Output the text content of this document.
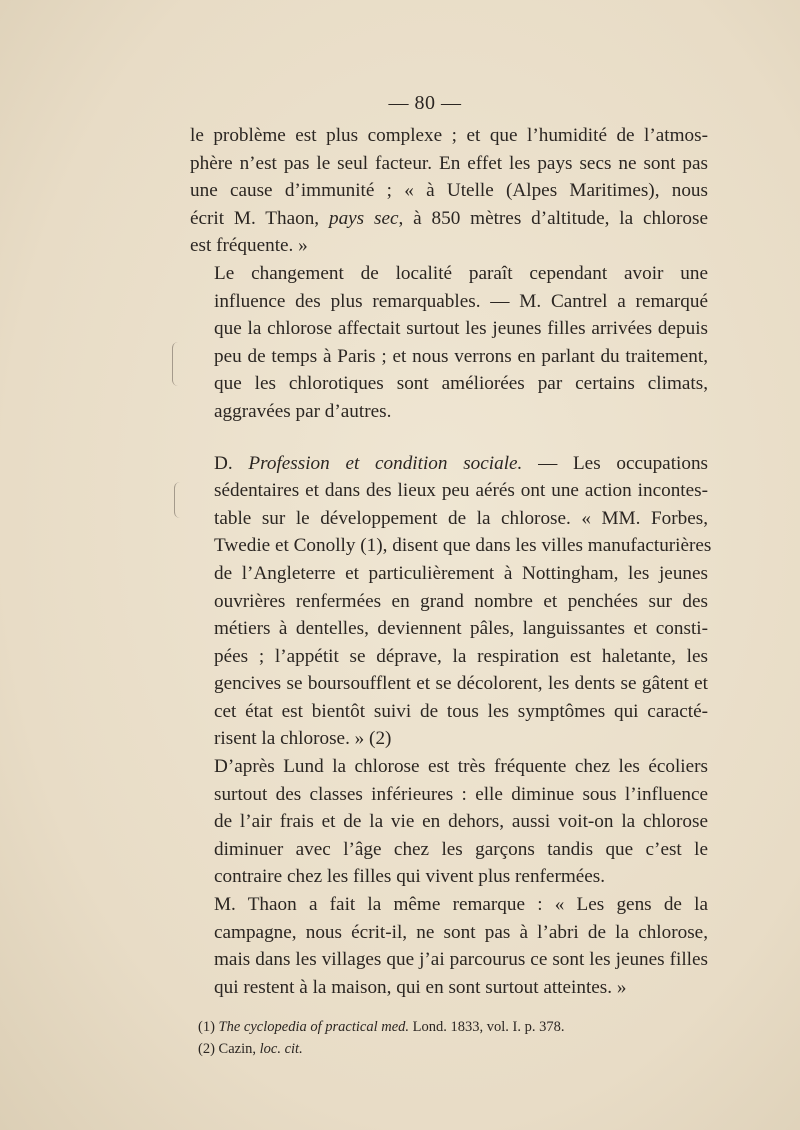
— 80 —

le problème est plus complexe ; et que l’humidité de l’atmos-
phère n’est pas le seul facteur. En effet les pays secs ne sont pas
une cause d’immunité ; « à Utelle (Alpes Maritimes), nous
écrit M. Thaon, pays sec, à 850 mètres d’altitude, la chlorose
est fréquente. »

Le changement de localité paraît cependant avoir une
influence des plus remarquables. — M. Cantrel a remarqué
que la chlorose affectait surtout les jeunes filles arrivées depuis
peu de temps à Paris ; et nous verrons en parlant du traitement,
que les chlorotiques sont améliorées par certains climats,
aggravées par d’autres.

D. Profession et condition sociale. — Les occupations
sédentaires et dans des lieux peu aérés ont une action incontes-
table sur le développement de la chlorose. « MM. Forbes,
Twedie et Conolly (1), disent que dans les villes manufacturières
de l’Angleterre et particulièrement à Nottingham, les jeunes
ouvrières renfermées en grand nombre et penchées sur des
métiers à dentelles, deviennent pâles, languissantes et consti-
pées ; l’appétit se déprave, la respiration est haletante, les
gencives se boursoufflent et se décolorent, les dents se gâtent et
cet état est bientôt suivi de tous les symptômes qui caracté-
risent la chlorose. » (2)

D’après Lund la chlorose est très fréquente chez les écoliers
surtout des classes inférieures : elle diminue sous l’influence
de l’air frais et de la vie en dehors, aussi voit-on la chlorose
diminuer avec l’âge chez les garçons tandis que c’est le
contraire chez les filles qui vivent plus renfermées.

M. Thaon a fait la même remarque : « Les gens de la
campagne, nous écrit-il, ne sont pas à l’abri de la chlorose,
mais dans les villages que j’ai parcourus ce sont les jeunes filles
qui restent à la maison, qui en sont surtout atteintes. »

(1) The cyclopedia of practical med. Lond. 1833, vol. I. p. 378.
(2) Cazin, loc. cit.
